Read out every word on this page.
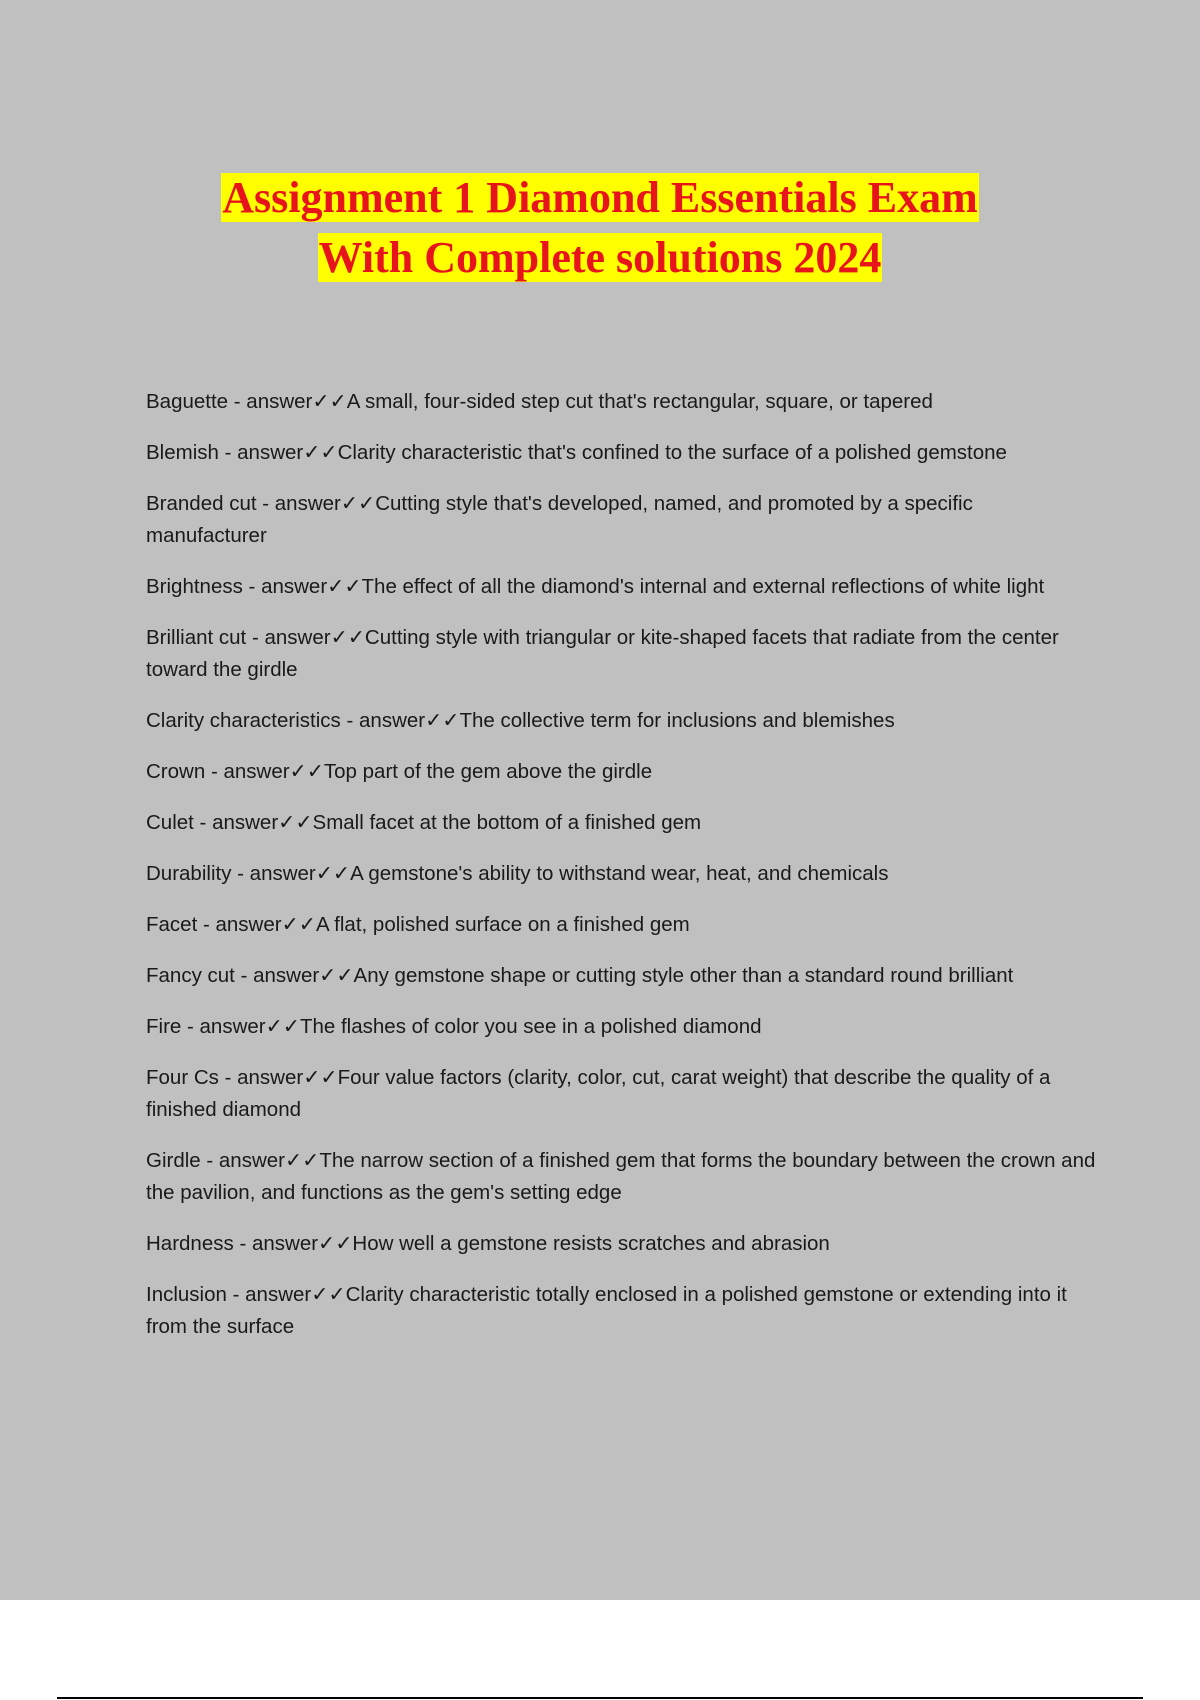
Assignment 1 Diamond Essentials Exam
With Complete solutions 2024
Baguette - answer✓✓A small, four-sided step cut that's rectangular, square, or tapered
Blemish - answer✓✓Clarity characteristic that's confined to the surface of a polished gemstone
Branded cut - answer✓✓Cutting style that's developed, named, and promoted by a specific manufacturer
Brightness - answer✓✓The effect of all the diamond's internal and external reflections of white light
Brilliant cut - answer✓✓Cutting style with triangular or kite-shaped facets that radiate from the center toward the girdle
Clarity characteristics - answer✓✓The collective term for inclusions and blemishes
Crown - answer✓✓Top part of the gem above the girdle
Culet - answer✓✓Small facet at the bottom of a finished gem
Durability - answer✓✓A gemstone's ability to withstand wear, heat, and chemicals
Facet - answer✓✓A flat, polished surface on a finished gem
Fancy cut - answer✓✓Any gemstone shape or cutting style other than a standard round brilliant
Fire - answer✓✓The flashes of color you see in a polished diamond
Four Cs - answer✓✓Four value factors (clarity, color, cut, carat weight) that describe the quality of a finished diamond
Girdle - answer✓✓The narrow section of a finished gem that forms the boundary between the crown and the pavilion, and functions as the gem's setting edge
Hardness - answer✓✓How well a gemstone resists scratches and abrasion
Inclusion - answer✓✓Clarity characteristic totally enclosed in a polished gemstone or extending into it from the surface
